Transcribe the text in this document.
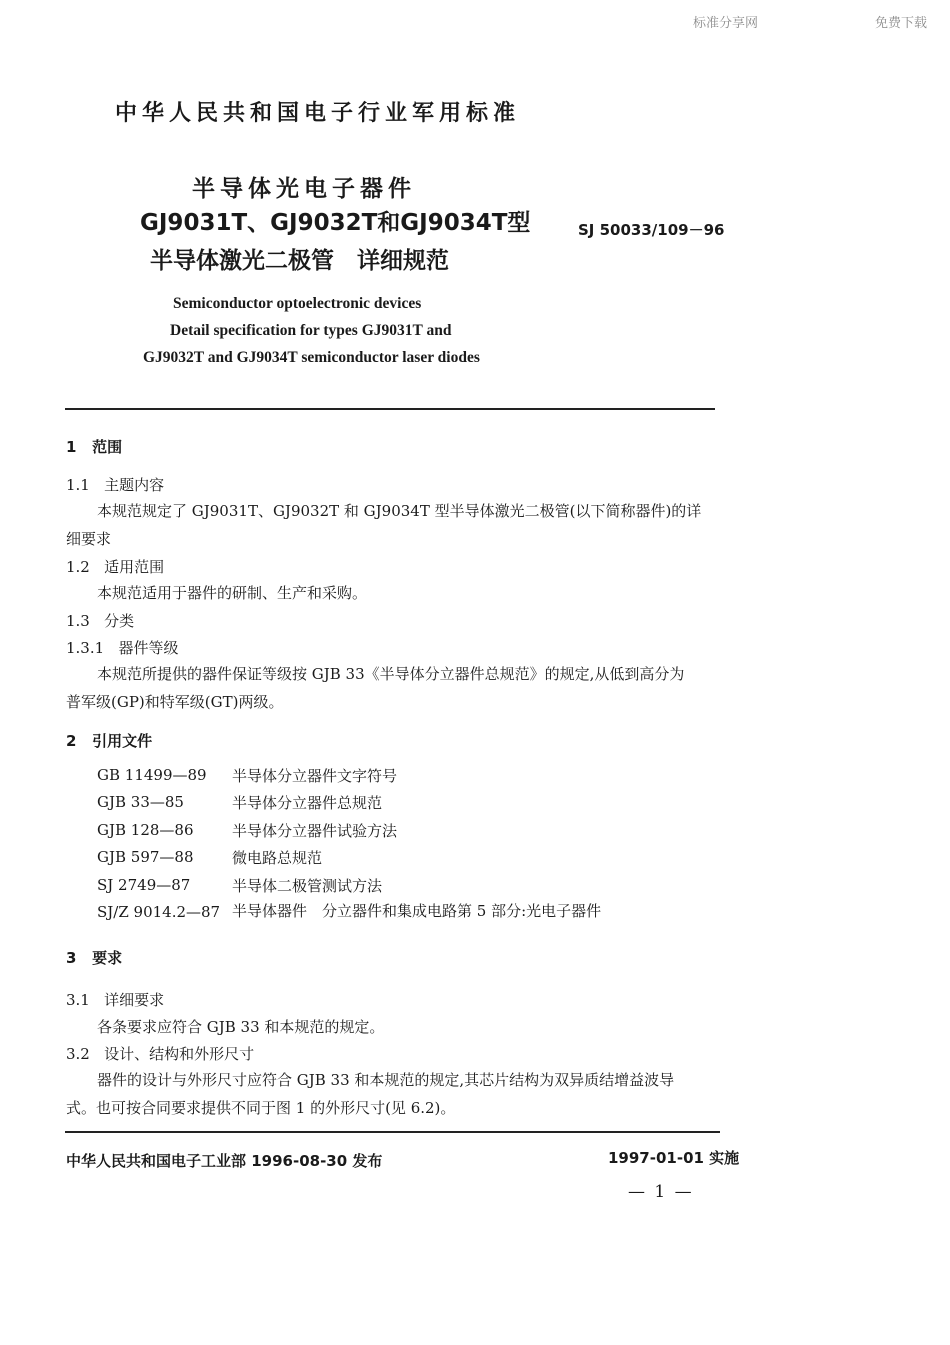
标准分享网	免费下载
中华人民共和国电子行业军用标准
半导体光电子器件
GJ9031T、GJ9032T和GJ9034T型
半导体激光二极管　详细规范
SJ 50033/109－96
Semiconductor optoelectronic devices
Detail specification for types GJ9031T and
GJ9032T and GJ9034T semiconductor laser diodes
1 范围
1.1 主题内容
本规范规定了 GJ9031T、GJ9032T 和 GJ9034T 型半导体激光二极管(以下简称器件)的详
细要求
1.2 适用范围
本规范适用于器件的研制、生产和采购。
1.3 分类
1.3.1 器件等级
本规范所提供的器件保证等级按 GJB 33《半导体分立器件总规范》的规定,从低到高分为
普军级(GP)和特军级(GT)两级。
2 引用文件
GB 11499—89 半导体分立器件文字符号
GJB 33—85	半导体分立器件总规范
GJB 128—86	半导体分立器件试验方法
GJB 597—88	微电路总规范
SJ 2749—87	半导体二极管测试方法
SJ/Z 9014.2—87 半导体器件　分立器件和集成电路第 5 部分:光电子器件
3 要求
3.1 详细要求
各条要求应符合 GJB 33 和本规范的规定。
3.2 设计、结构和外形尺寸
器件的设计与外形尺寸应符合 GJB 33 和本规范的规定,其芯片结构为双异质结增益波导
式。也可按合同要求提供不同于图 1 的外形尺寸(见 6.2)。
中华人民共和国电子工业部 1996-08-30 发布	1997-01-01 实施
— 1 —
